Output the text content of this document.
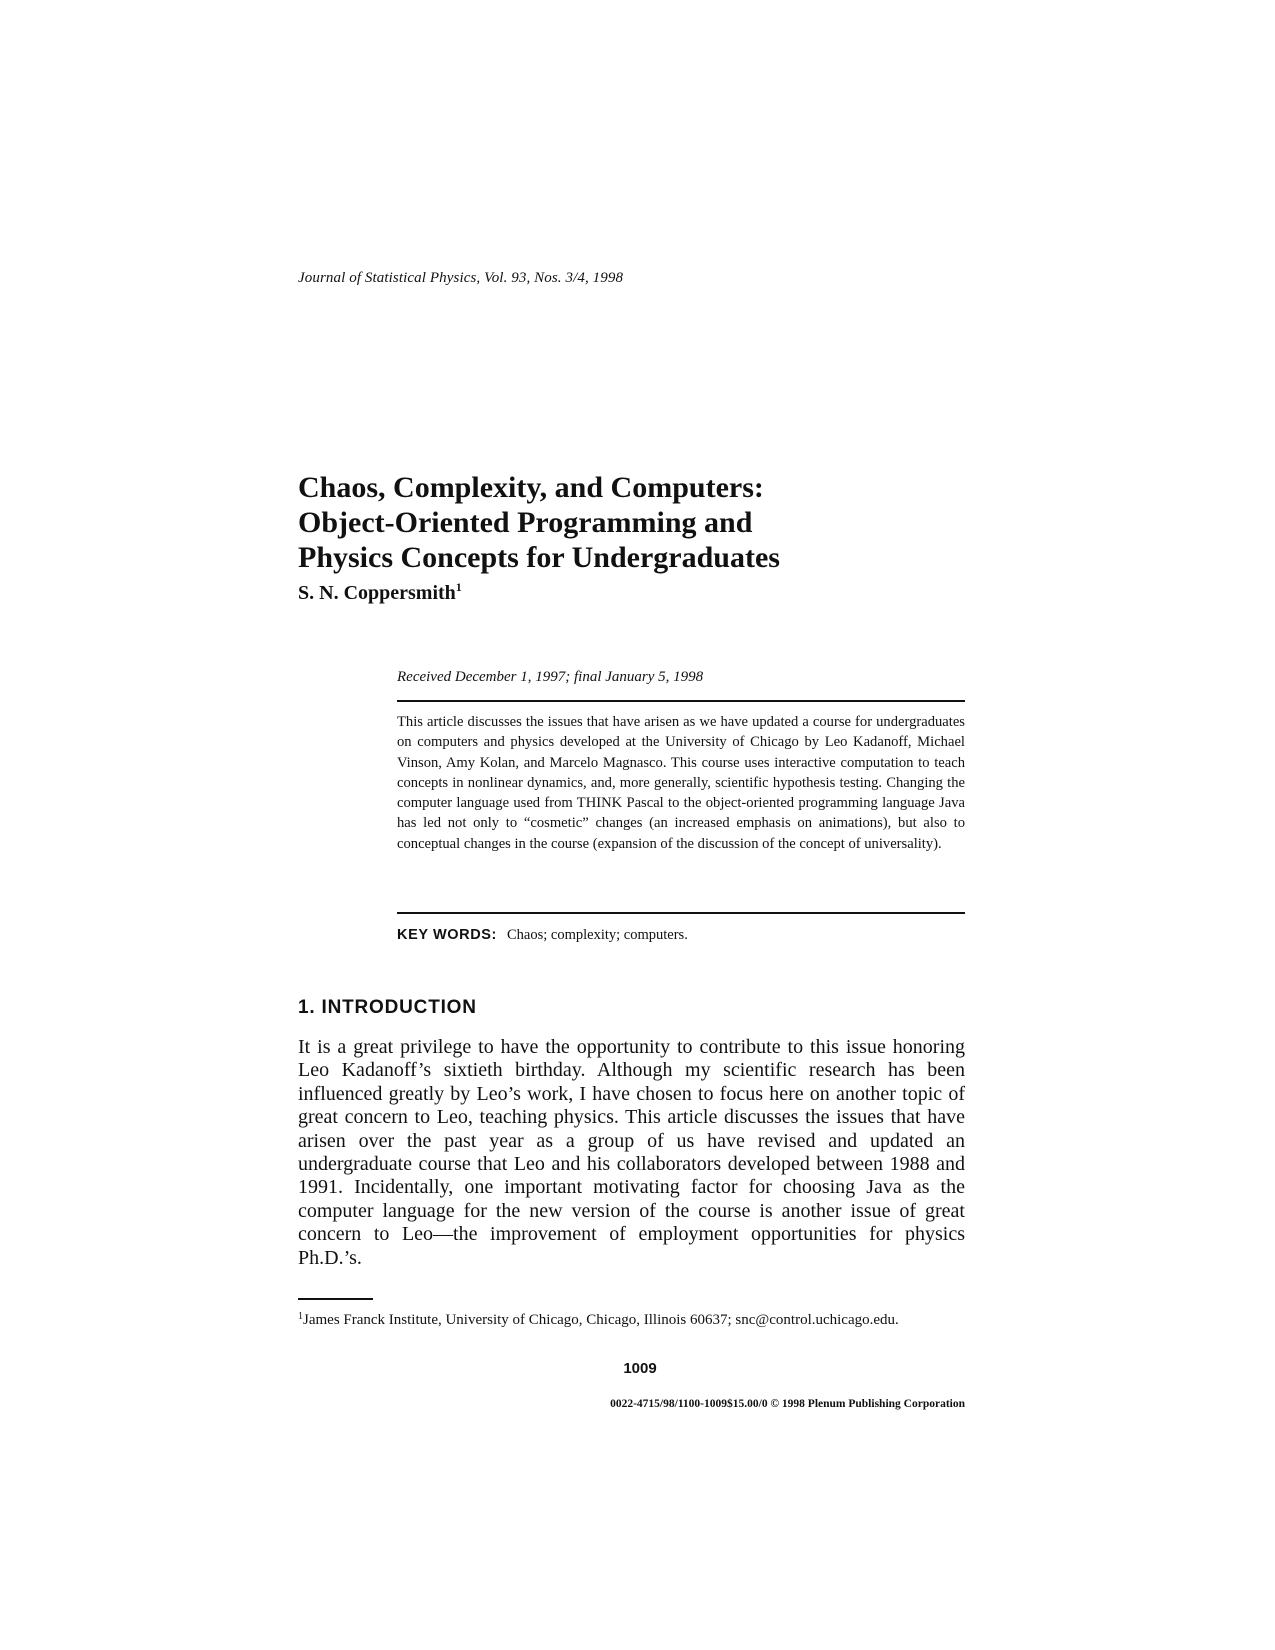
Journal of Statistical Physics, Vol. 93, Nos. 3/4, 1998
Chaos, Complexity, and Computers:
Object-Oriented Programming and
Physics Concepts for Undergraduates
S. N. Coppersmith$^1$
Received December 1, 1997; final January 5, 1998

This article discusses the issues that have arisen as we have updated a course for undergraduates on computers and physics developed at the University of Chicago by Leo Kadanoff, Michael Vinson, Amy Kolan, and Marcelo Magnasco. This course uses interactive computation to teach concepts in nonlinear dynamics, and, more generally, scientific hypothesis testing. Changing the computer language used from THINK Pascal to the object-oriented programming language Java has led not only to “cosmetic” changes (an increased emphasis on animations), but also to conceptual changes in the course (expansion of the discussion of the concept of universality).

KEY WORDS: Chaos; complexity; computers.
1. INTRODUCTION

It is a great privilege to have the opportunity to contribute to this issue honoring Leo Kadanoff’s sixtieth birthday. Although my scientific research has been influenced greatly by Leo’s work, I have chosen to focus here on another topic of great concern to Leo, teaching physics. This article discusses the issues that have arisen over the past year as a group of us have revised and updated an undergraduate course that Leo and his collaborators developed between 1988 and 1991. Incidentally, one important motivating factor for choosing Java as the computer language for the new version of the course is another issue of great concern to Leo—the improvement of employment opportunities for physics Ph.D.’s.

$^1$James Franck Institute, University of Chicago, Chicago, Illinois 60637; snc@control.uchicago.edu.

1009
0022-4715/98/1100-1009$15.00/0 © 1998 Plenum Publishing Corporation
